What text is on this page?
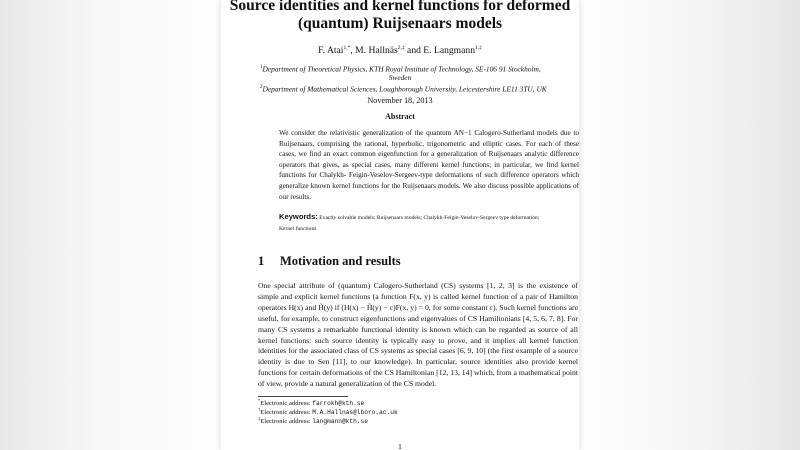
Source identities and kernel functions for deformed
(quantum) Ruijsenaars models
F. Atai$^{1,*}$, M. Hallnäs$^{2,\ddagger}$ and E. Langmann$^{1,\ddagger}$
$^1$Department of Theoretical Physics, KTH Royal Institute of Technology, SE-106 91 Stockholm,
Sweden
$^2$Department of Mathematical Sciences, Loughborough University, Leicestershire LE11 3TU, UK
November 18, 2013
Abstract
We consider the relativistic generalization of the quantum AN−1 Calogero-Sutherland models due to Ruijsenaars, comprising the rational, hyperbolic, trigonometric and elliptic cases. For each of these cases, we find an exact common eigenfunction for a generalization of Ruijsenaars analytic difference operators that gives, as special cases, many different kernel functions; in particular, we find kernel functions for Chalykh- Feigin-Veselov-Sergeev-type deformations of such difference operators which generalize known kernel functions for the Ruijsenaars models. We also discuss possible applications of our results.
Keywords: Exactly solvable models; Ruijsenaars models; Chalykh-Feigin-Veselov-Sergeev type deformation; Kernel functions
1 Motivation and results
One special attribute of (quantum) Calogero-Sutherland (CS) systems [1, 2, 3] is the existence of simple and explicit kernel functions (a function F(x, y) is called kernel function of a pair of Hamilton operators H(x) and H̃(y) if (H(x) − H̃(y) − c)F(x, y) = 0, for some constant c). Such kernel functions are useful, for example, to construct eigenfunctions and eigenvalues of CS Hamiltonians [4, 5, 6, 7, 8]. For many CS systems a remarkable functional identity is known which can be regarded as source of all kernel functions: such source identity is typically easy to prove, and it implies all kernel function identities for the associated class of CS systems as special cases [6, 9, 10] (the first example of a source identity is due to Sen [11], to our knowledge). In particular, source identities also provide kernel functions for certain deformations of the CS Hamiltonian [12, 13, 14] which, from a mathematical point of view, provide a natural generalization of the CS model.
*Electronic address: farrokh@kth.se
†Electronic address: M.A.Hallnas@lboro.ac.uk
‡Electronic address: langmann@kth.se
1
